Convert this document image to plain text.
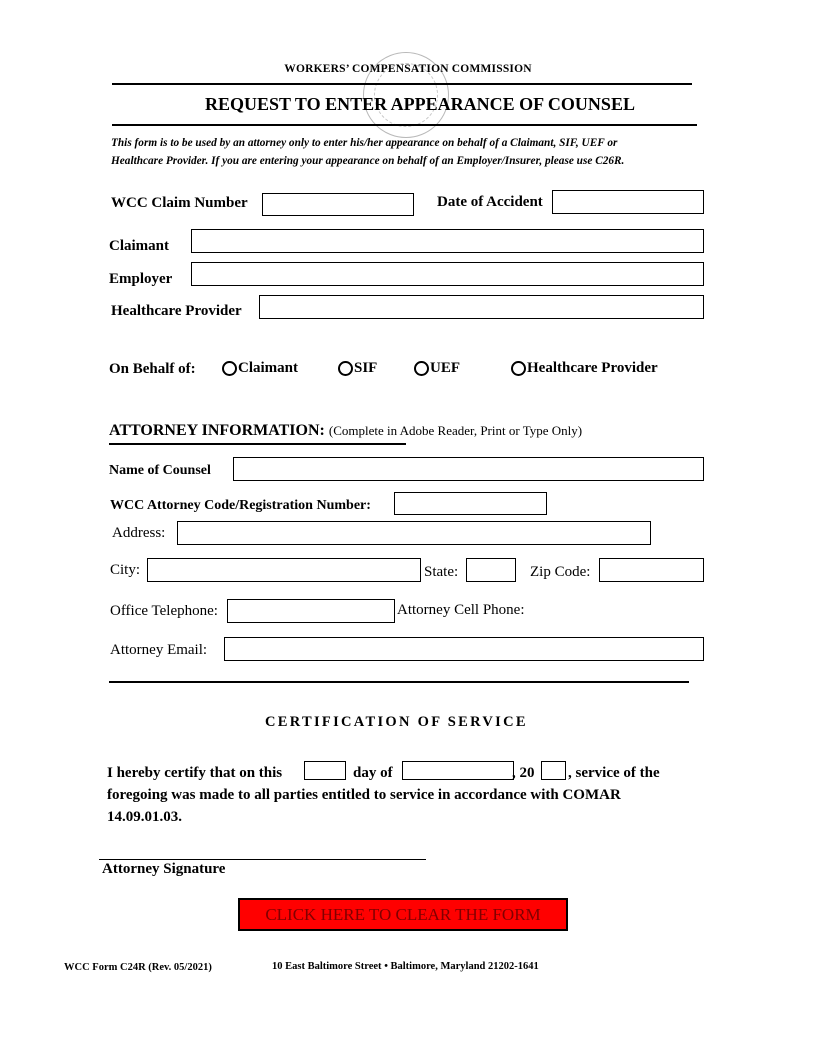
WORKERS’ COMPENSATION COMMISSION
REQUEST TO ENTER APPEARANCE OF COUNSEL
This form is to be used by an attorney only to enter his/her appearance on behalf of a Claimant, SIF, UEF or
Healthcare Provider. If you are entering your appearance on behalf of an Employer/Insurer, please use C26R.
WCC Claim Number	Date of Accident
Claimant
Employer
Healthcare Provider
On Behalf of:	Claimant	SIF	UEF	Healthcare Provider
ATTORNEY INFORMATION: (Complete in Adobe Reader, Print or Type Only)
Name of Counsel
WCC Attorney Code/Registration Number:
Address:
City:	State:	Zip Code:
Office Telephone:	Attorney Cell Phone:
Attorney Email:
CERTIFICATION OF SERVICE
I hereby certify that on this	day of	, 20 , service of the
foregoing was made to all parties entitled to service in accordance with COMAR
14.09.01.03.
Attorney Signature
CLICK HERE TO CLEAR THE FORM
WCC Form C24R (Rev. 05/2021)	10 East Baltimore Street • Baltimore, Maryland 21202-1641
